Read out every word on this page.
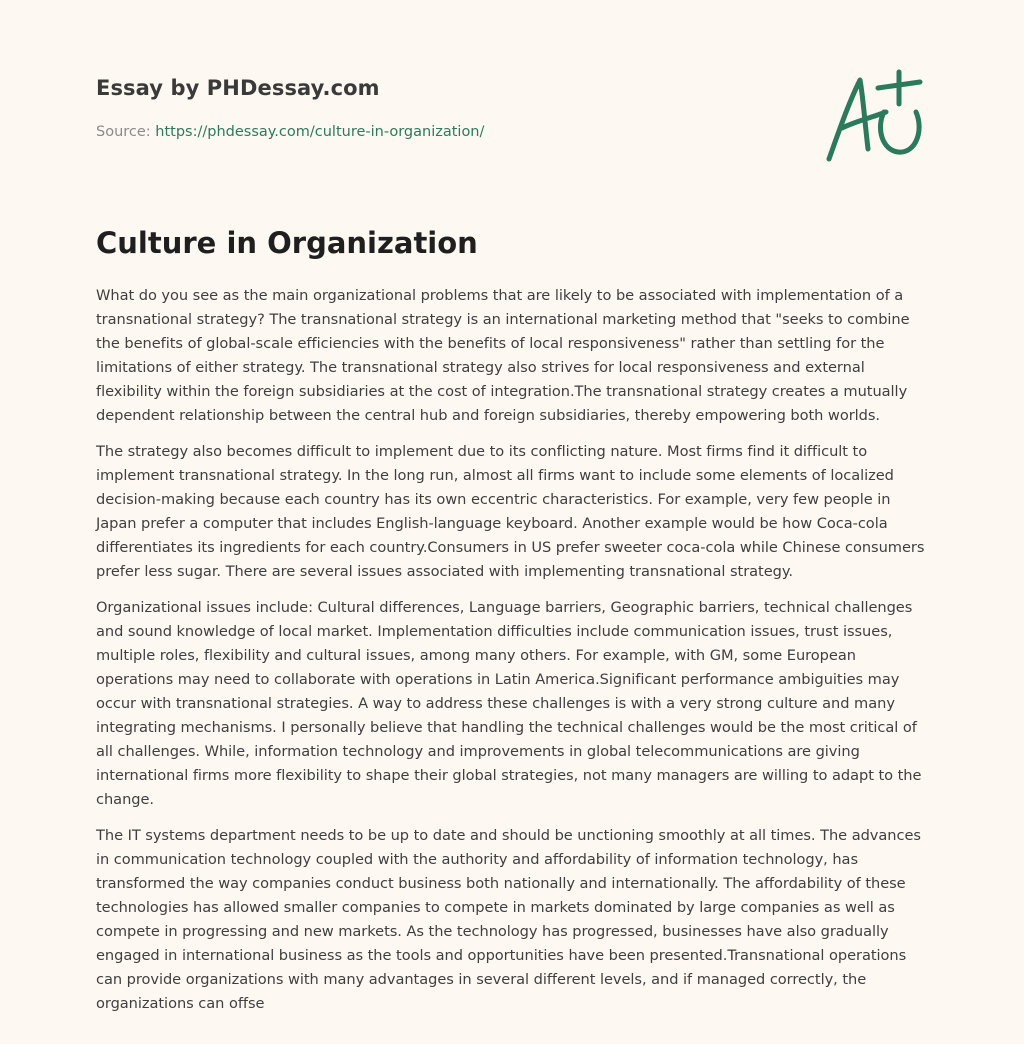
Essay by PHDessay.com
Source: https://phdessay.com/culture-in-organization/
Culture in Organization

What do you see as the main organizational problems that are likely to be associated with implementation of a transnational strategy? The transnational strategy is an international marketing method that "seeks to combine the benefits of global-scale efficiencies with the benefits of local responsiveness" rather than settling for the limitations of either strategy. The transnational strategy also strives for local responsiveness and external flexibility within the foreign subsidiaries at the cost of integration.The transnational strategy creates a mutually dependent relationship between the central hub and foreign subsidiaries, thereby empowering both worlds.

The strategy also becomes difficult to implement due to its conflicting nature. Most firms find it difficult to implement transnational strategy. In the long run, almost all firms want to include some elements of localized decision-making because each country has its own eccentric characteristics. For example, very few people in Japan prefer a computer that includes English-language keyboard. Another example would be how Coca-cola differentiates its ingredients for each country.Consumers in US prefer sweeter coca-cola while Chinese consumers prefer less sugar. There are several issues associated with implementing transnational strategy.

Organizational issues include: Cultural differences, Language barriers, Geographic barriers, technical challenges and sound knowledge of local market. Implementation difficulties include communication issues, trust issues, multiple roles, flexibility and cultural issues, among many others. For example, with GM, some European operations may need to collaborate with operations in Latin America.Significant performance ambiguities may occur with transnational strategies. A way to address these challenges is with a very strong culture and many integrating mechanisms. I personally believe that handling the technical challenges would be the most critical of all challenges. While, information technology and improvements in global telecommunications are giving international firms more flexibility to shape their global strategies, not many managers are willing to adapt to the change.

The IT systems department needs to be up to date and should be unctioning smoothly at all times. The advances in communication technology coupled with the authority and affordability of information technology, has transformed the way companies conduct business both nationally and internationally. The affordability of these technologies has allowed smaller companies to compete in markets dominated by large companies as well as compete in progressing and new markets. As the technology has progressed, businesses have also gradually engaged in international business as the tools and opportunities have been presented.Transnational operations can provide organizations with many advantages in several different levels, and if managed correctly, the organizations can offse
